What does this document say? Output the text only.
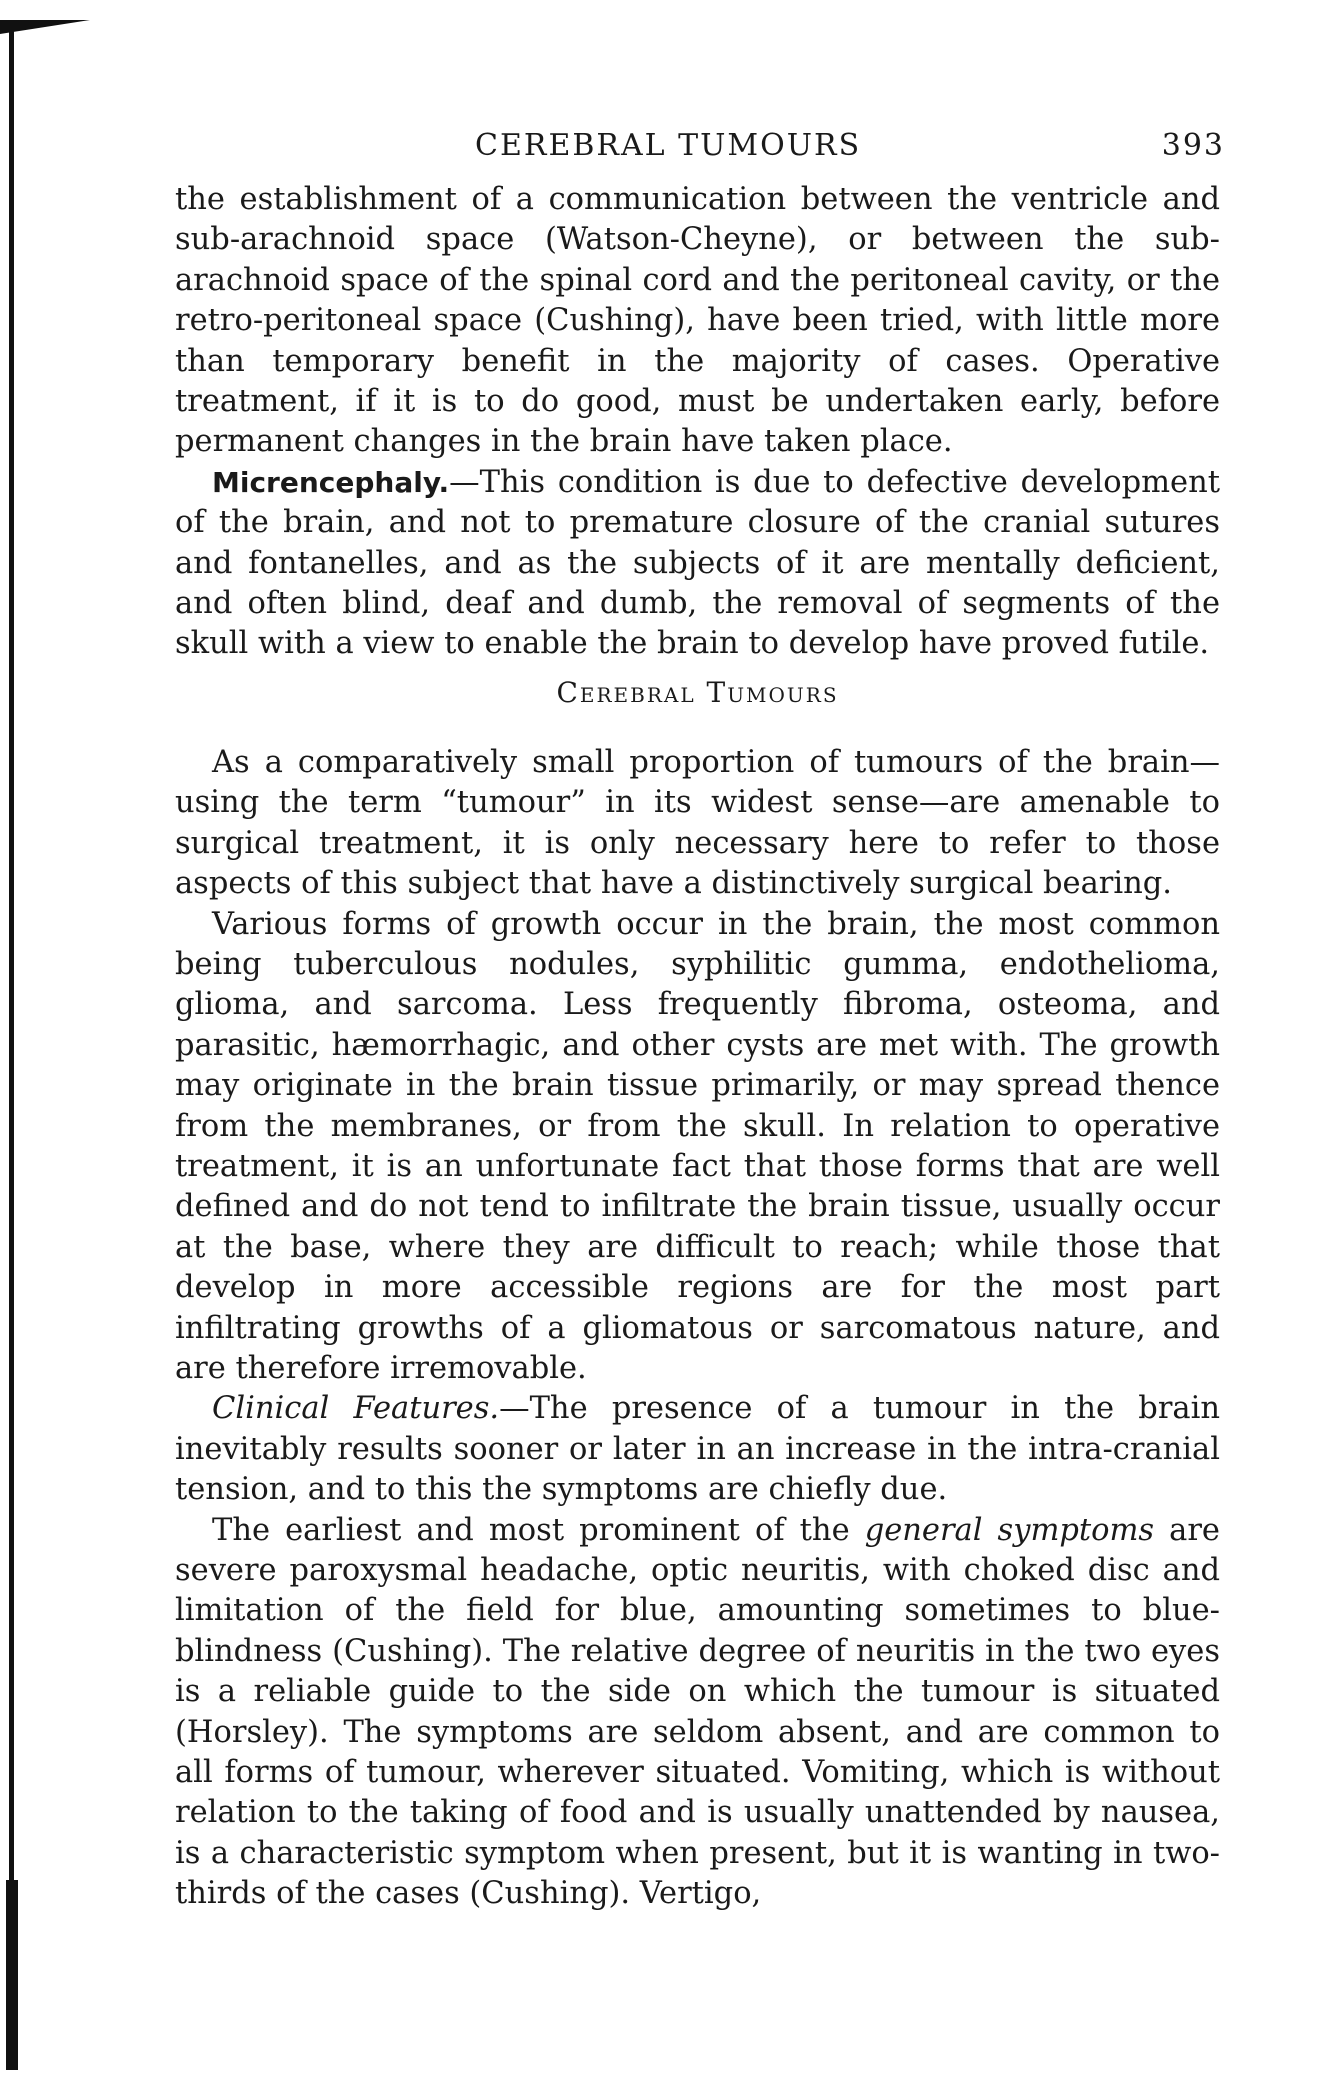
CEREBRAL TUMOURS	393

the establishment of a communication between the ventricle and sub-arachnoid space (Watson-Cheyne), or between the sub-arachnoid space of the spinal cord and the peritoneal cavity, or the retro-peritoneal space (Cushing), have been tried, with little more than temporary benefit in the majority of cases. Operative treatment, if it is to do good, must be undertaken early, before permanent changes in the brain have taken place.

Micrencephaly.—This condition is due to defective development of the brain, and not to premature closure of the cranial sutures and fontanelles, and as the subjects of it are mentally deficient, and often blind, deaf and dumb, the removal of segments of the skull with a view to enable the brain to develop have proved futile.

Cerebral Tumours

As a comparatively small proportion of tumours of the brain—using the term “tumour” in its widest sense—are amenable to surgical treatment, it is only necessary here to refer to those aspects of this subject that have a distinctively surgical bearing.

Various forms of growth occur in the brain, the most common being tuberculous nodules, syphilitic gumma, endothelioma, glioma, and sarcoma. Less frequently fibroma, osteoma, and parasitic, hæmorrhagic, and other cysts are met with. The growth may originate in the brain tissue primarily, or may spread thence from the membranes, or from the skull. In relation to operative treatment, it is an unfortunate fact that those forms that are well defined and do not tend to infiltrate the brain tissue, usually occur at the base, where they are difficult to reach; while those that develop in more accessible regions are for the most part infiltrating growths of a gliomatous or sarcomatous nature, and are therefore irremovable.

Clinical Features.—The presence of a tumour in the brain inevitably results sooner or later in an increase in the intra-cranial tension, and to this the symptoms are chiefly due.

The earliest and most prominent of the general symptoms are severe paroxysmal headache, optic neuritis, with choked disc and limitation of the field for blue, amounting sometimes to blue-blindness (Cushing). The relative degree of neuritis in the two eyes is a reliable guide to the side on which the tumour is situated (Horsley). The symptoms are seldom absent, and are common to all forms of tumour, wherever situated. Vomiting, which is without relation to the taking of food and is usually unattended by nausea, is a characteristic symptom when present, but it is wanting in two-thirds of the cases (Cushing). Vertigo,
